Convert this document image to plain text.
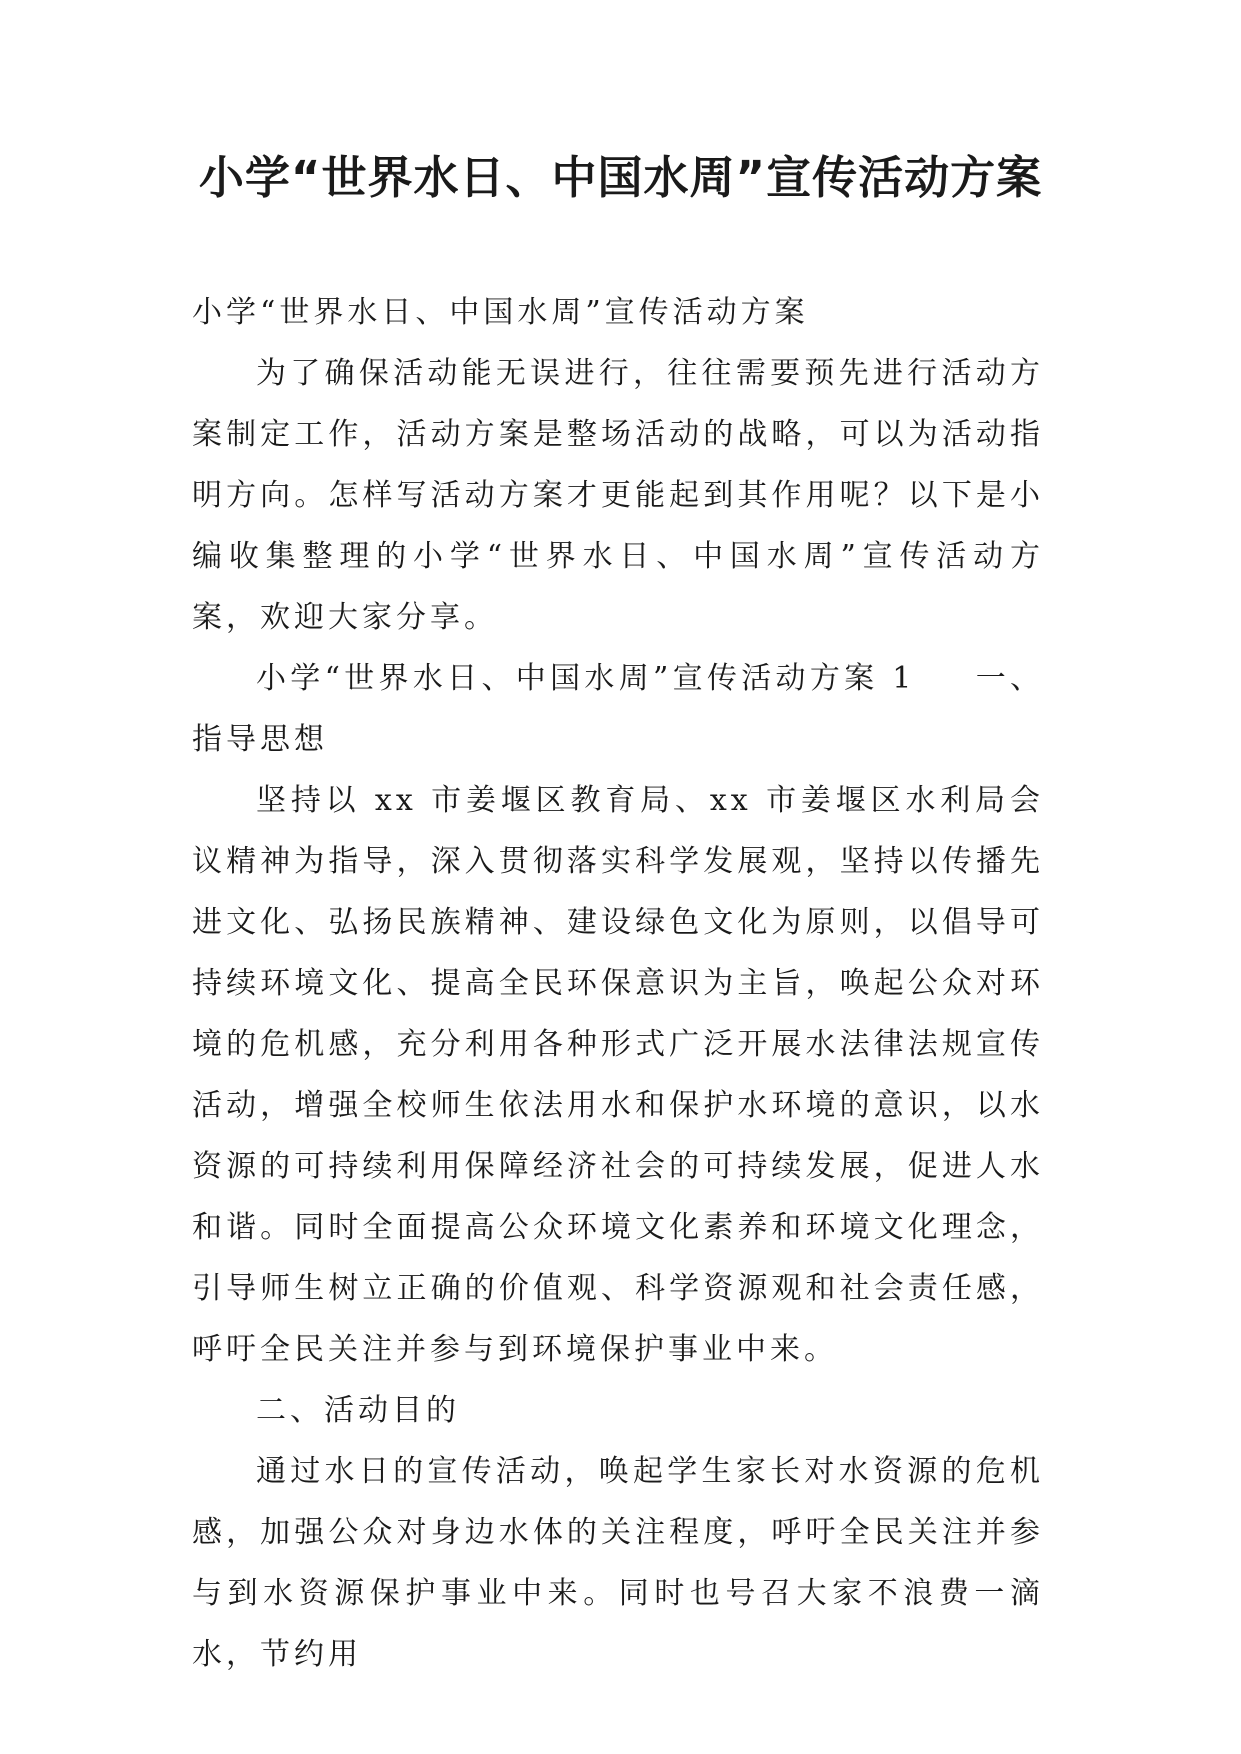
小学“世界水日、中国水周”宣传活动方案

小学“世界水日、中国水周”宣传活动方案

为了确保活动能无误进行，往往需要预先进行活动方案制定工作，活动方案是整场活动的战略，可以为活动指明方向。怎样写活动方案才更能起到其作用呢？以下是小编收集整理的小学“世界水日、中国水周”宣传活动方案，欢迎大家分享。

小学“世界水日、中国水周”宣传活动方案 1 一、指导思想

坚持以 xx 市姜堰区教育局、xx 市姜堰区水利局会议精神为指导，深入贯彻落实科学发展观，坚持以传播先进文化、弘扬民族精神、建设绿色文化为原则，以倡导可持续环境文化、提高全民环保意识为主旨，唤起公众对环境的危机感，充分利用各种形式广泛开展水法律法规宣传活动，增强全校师生依法用水和保护水环境的意识，以水资源的可持续利用保障经济社会的可持续发展，促进人水和谐。同时全面提高公众环境文化素养和环境文化理念，引导师生树立正确的价值观、科学资源观和社会责任感，呼吁全民关注并参与到环境保护事业中来。

二、活动目的

通过水日的宣传活动，唤起学生家长对水资源的危机感，加强公众对身边水体的关注程度，呼吁全民关注并参与到水资源保护事业中来。同时也号召大家不浪费一滴水，节约用
